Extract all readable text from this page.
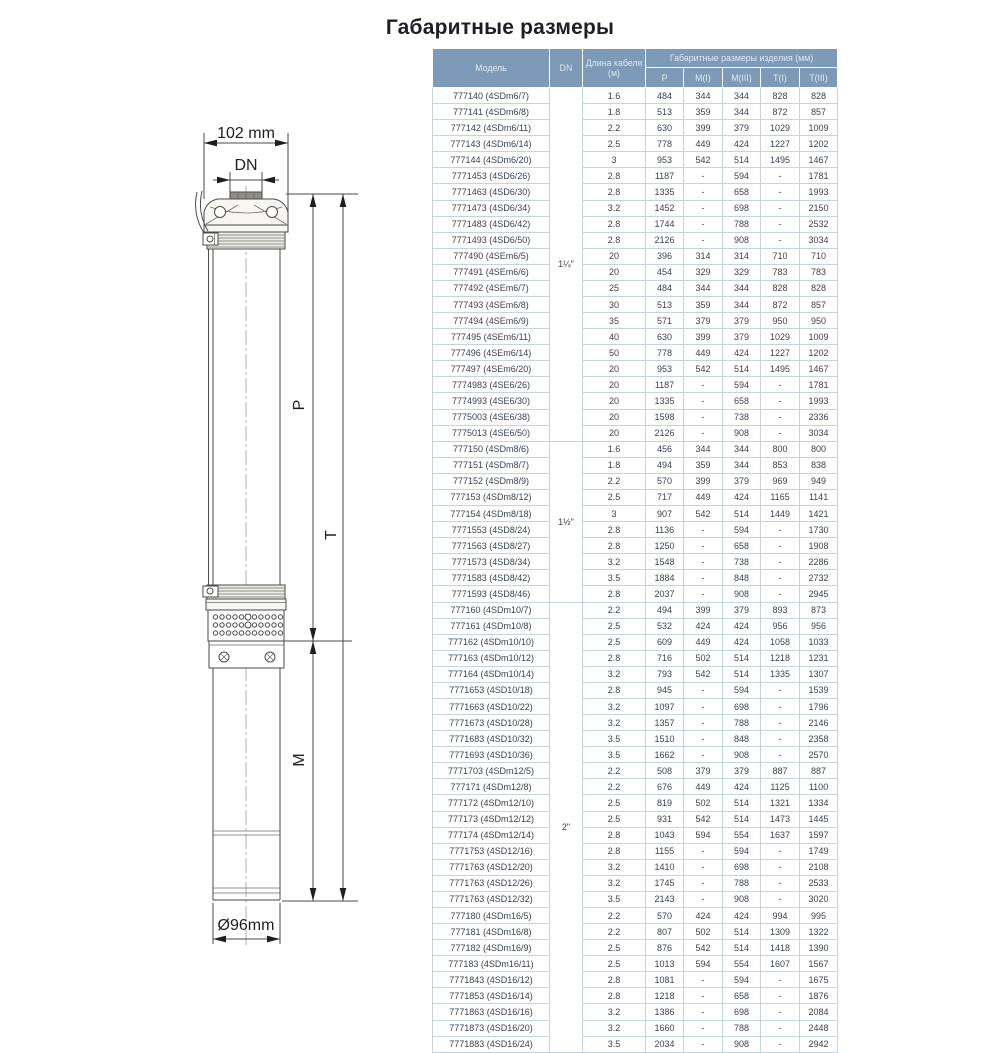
Габаритные размеры
102 mm
DN
P
M
T
Ø96mm
Модель	DN	Длина кабеля (м)	Габаритные размеры изделия (мм)				
			P	M(I)	M(III)	T(I)	T(III)
777140 (4SDm6/7)	1¼"	1.6	484	344	344	828	828
777141 (4SDm6/8)		1.8	513	359	344	872	857
777142 (4SDm6/11)		2.2	630	399	379	1029	1009
777143 (4SDm6/14)		2.5	778	449	424	1227	1202
777144 (4SDm6/20)		3	953	542	514	1495	1467
7771453 (4SD6/26)		2.8	1187	-	594	-	1781
7771463 (4SD6/30)		2.8	1335	-	658	-	1993
7771473 (4SD6/34)		3.2	1452	-	698	-	2150
7771483 (4SD6/42)		2.8	1744	-	788	-	2532
7771493 (4SD6/50)		2.8	2126	-	908	-	3034
777490 (4SEm6/5)		20	396	314	314	710	710
777491 (4SEm6/6)		20	454	329	329	783	783
777492 (4SEm6/7)		25	484	344	344	828	828
777493 (4SEm6/8)		30	513	359	344	872	857
777494 (4SEm6/9)		35	571	379	379	950	950
777495 (4SEm6/11)		40	630	399	379	1029	1009
777496 (4SEm6/14)		50	778	449	424	1227	1202
777497 (4SEm6/20)		20	953	542	514	1495	1467
7774983 (4SE6/26)		20	1187	-	594	-	1781
7774993 (4SE6/30)		20	1335	-	658	-	1993
7775003 (4SE6/38)		20	1598	-	738	-	2336
7775013 (4SE6/50)		20	2126	-	908	-	3034
777150 (4SDm8/6)	1½"	1.6	456	344	344	800	800
777151 (4SDm8/7)		1.8	494	359	344	853	838
777152 (4SDm8/9)		2.2	570	399	379	969	949
777153 (4SDm8/12)		2.5	717	449	424	1165	1141
777154 (4SDm8/18)		3	907	542	514	1449	1421
7771553 (4SD8/24)		2.8	1136	-	594	-	1730
7771563 (4SD8/27)		2.8	1250	-	658	-	1908
7771573 (4SD8/34)		3.2	1548	-	738	-	2286
7771583 (4SD8/42)		3.5	1884	-	848	-	2732
7771593 (4SD8/46)		2.8	2037	-	908	-	2945
777160 (4SDm10/7)	2"	2.2	494	399	379	893	873
777161 (4SDm10/8)		2.5	532	424	424	956	956
777162 (4SDm10/10)		2.5	609	449	424	1058	1033
777163 (4SDm10/12)		2.8	716	502	514	1218	1231
777164 (4SDm10/14)		3.2	793	542	514	1335	1307
7771653 (4SD10/18)		2.8	945	-	594	-	1539
7771663 (4SD10/22)		3.2	1097	-	698	-	1796
7771673 (4SD10/28)		3.2	1357	-	788	-	2146
7771683 (4SD10/32)		3.5	1510	-	848	-	2358
7771693 (4SD10/36)		3.5	1662	-	908	-	2570
7771703 (4SDm12/5)		2.2	508	379	379	887	887
777171 (4SDm12/8)		2.2	676	449	424	1125	1100
777172 (4SDm12/10)		2.5	819	502	514	1321	1334
777173 (4SDm12/12)		2.5	931	542	514	1473	1445
777174 (4SDm12/14)		2.8	1043	594	554	1637	1597
7771753 (4SD12/16)		2.8	1155	-	594	-	1749
7771763 (4SD12/20)		3.2	1410	-	698	-	2108
7771763 (4SD12/26)		3.2	1745	-	788	-	2533
7771763 (4SD12/32)		3.5	2143	-	908	-	3020
777180 (4SDm16/5)		2.2	570	424	424	994	995
777181 (4SDm16/8)		2.2	807	502	514	1309	1322
777182 (4SDm16/9)		2.5	876	542	514	1418	1390
777183 (4SDm16/11)		2.5	1013	594	554	1607	1567
7771843 (4SD16/12)		2.8	1081	-	594	-	1675
7771853 (4SD16/14)		2.8	1218	-	658	-	1876
7771863 (4SD16/16)		3.2	1386	-	698	-	2084
7771873 (4SD16/20)		3.2	1660	-	788	-	2448
7771883 (4SD16/24)		3.5	2034	-	908	-	2942
